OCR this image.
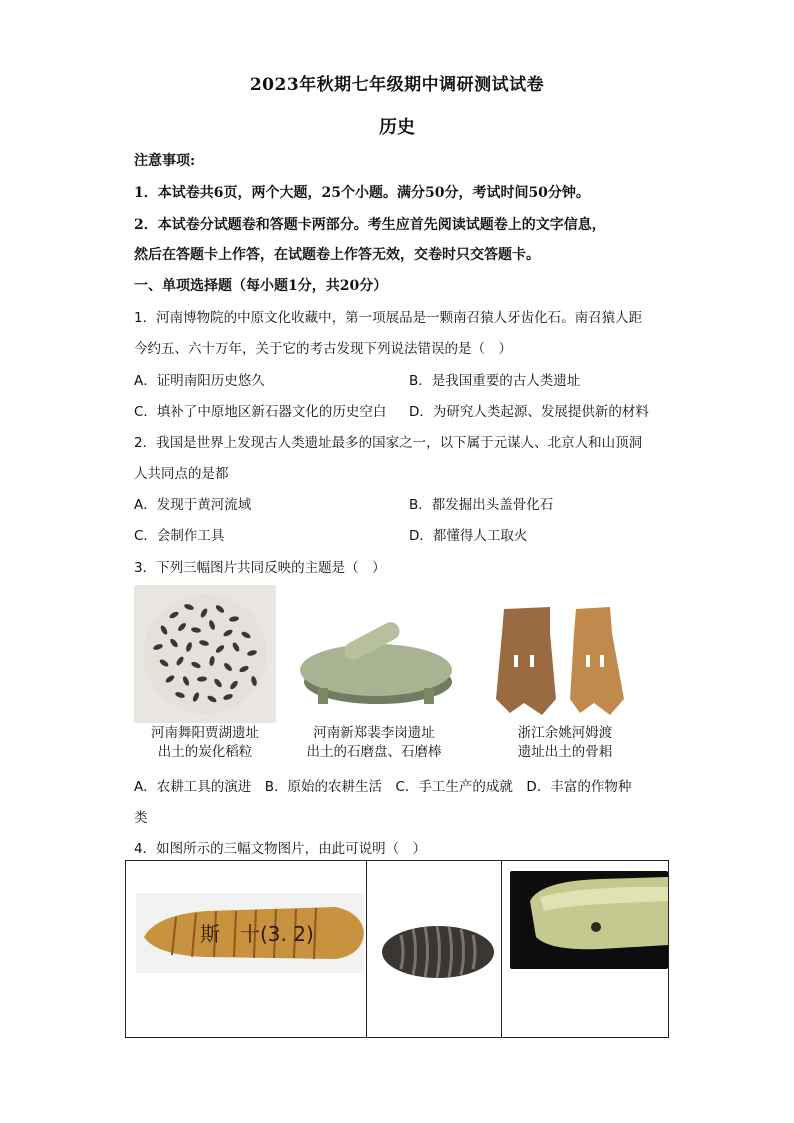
2023年秋期七年级期中调研测试试卷
历史
注意事项:
1．本试卷共6页，两个大题，25个小题。满分50分，考试时间50分钟。
2．本试卷分试题卷和答题卡两部分。考生应首先阅读试题卷上的文字信息，
然后在答题卡上作答，在试题卷上作答无效，交卷时只交答题卡。
一、单项选择题（每小题1分，共20分）
1．河南博物院的中原文化收藏中，第一项展品是一颗南召猿人牙齿化石。南召猿人距
今约五、六十万年，关于它的考古发现下列说法错误的是（　）
A．证明南阳历史悠久	B．是我国重要的古人类遗址
C．填补了中原地区新石器文化的历史空白 D．为研究人类起源、发展提供新的材料
2．我国是世界上发现古人类遗址最多的国家之一，以下属于元谋人、北京人和山顶洞
人共同点的是都
A．发现于黄河流域	B．都发掘出头盖骨化石
C．会制作工具	D．都懂得人工取火
3．下列三幅图片共同反映的主题是（　）
河南舞阳贾湖遗址
出土的炭化稻粒
河南新郑裴李岗遗址
出土的石磨盘、石磨棒
浙江余姚河姆渡
遗址出土的骨耜
A．农耕工具的演进　B．原始的农耕生活　C．手工生产的成就　D．丰富的作物种
类
4．如图所示的三幅文物图片，由此可说明（　）
斯　十(3. 2)
